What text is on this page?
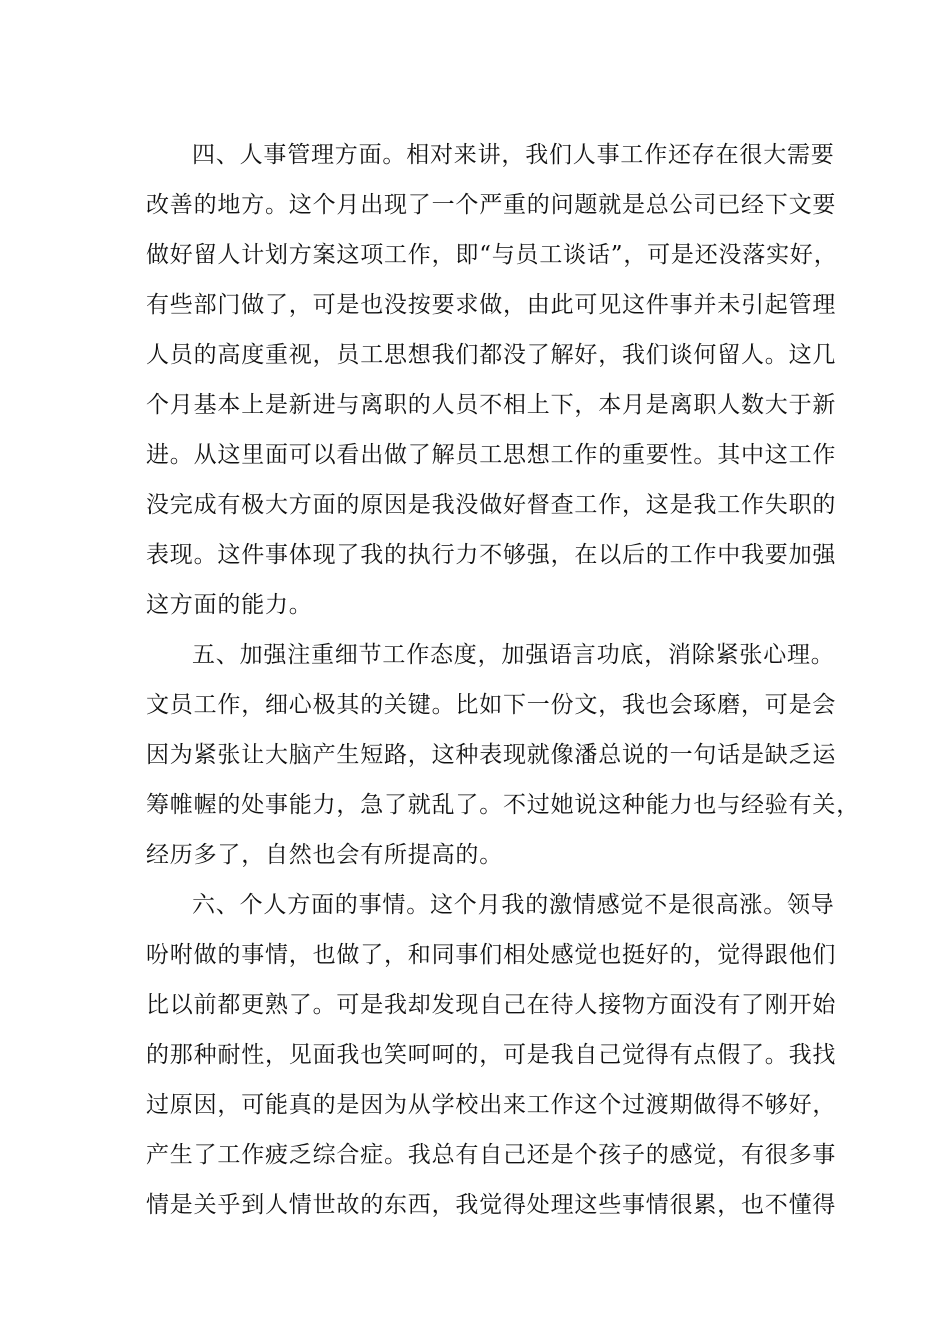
四、人事管理方面。相对来讲，我们人事工作还存在很大需要
改善的地方。这个月出现了一个严重的问题就是总公司已经下文要
做好留人计划方案这项工作，即“与员工谈话”，可是还没落实好，
有些部门做了，可是也没按要求做，由此可见这件事并未引起管理
人员的高度重视，员工思想我们都没了解好，我们谈何留人。这几
个月基本上是新进与离职的人员不相上下，本月是离职人数大于新
进。从这里面可以看出做了解员工思想工作的重要性。其中这工作
没完成有极大方面的原因是我没做好督查工作，这是我工作失职的
表现。这件事体现了我的执行力不够强，在以后的工作中我要加强
这方面的能力。
五、加强注重细节工作态度，加强语言功底，消除紧张心理。
文员工作，细心极其的关键。比如下一份文，我也会琢磨，可是会
因为紧张让大脑产生短路，这种表现就像潘总说的一句话是缺乏运
筹帷幄的处事能力，急了就乱了。不过她说这种能力也与经验有关，
经历多了，自然也会有所提高的。
六、个人方面的事情。这个月我的激情感觉不是很高涨。领导
吩咐做的事情，也做了，和同事们相处感觉也挺好的，觉得跟他们
比以前都更熟了。可是我却发现自己在待人接物方面没有了刚开始
的那种耐性，见面我也笑呵呵的，可是我自己觉得有点假了。我找
过原因，可能真的是因为从学校出来工作这个过渡期做得不够好，
产生了工作疲乏综合症。我总有自己还是个孩子的感觉，有很多事
情是关乎到人情世故的东西，我觉得处理这些事情很累，也不懂得
